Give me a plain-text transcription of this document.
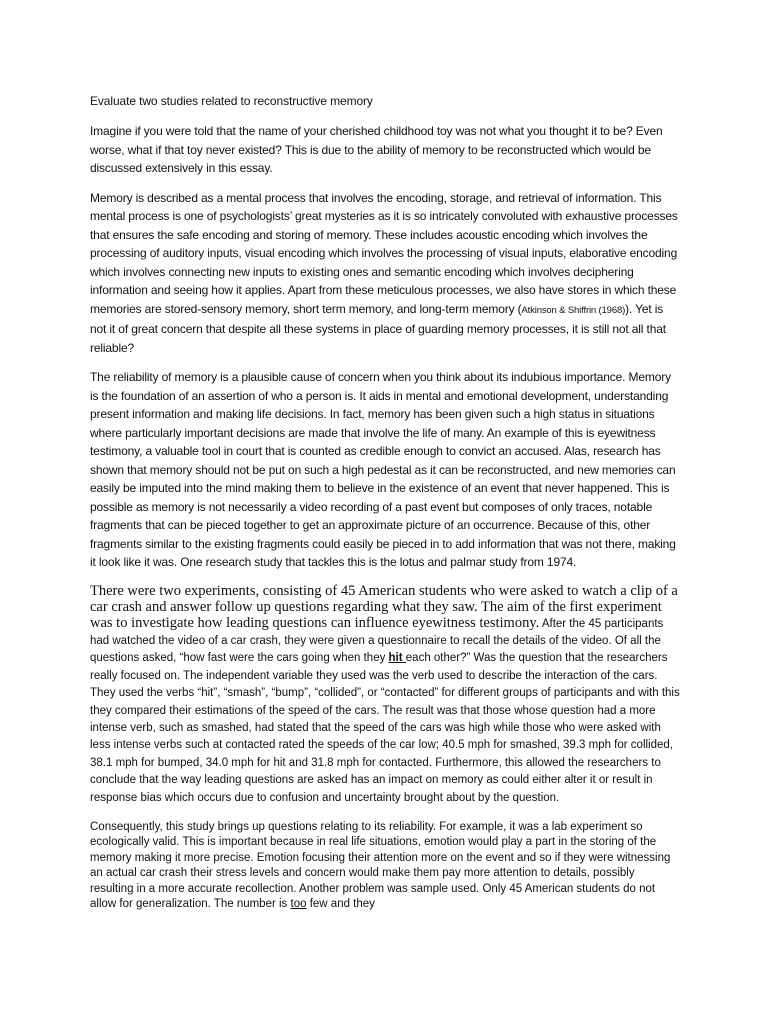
Evaluate two studies related to reconstructive memory

Imagine if you were told that the name of your cherished childhood toy was not what you thought it to be? Even worse, what if that toy never existed? This is due to the ability of memory to be reconstructed which would be discussed extensively in this essay.

Memory is described as a mental process that involves the encoding, storage, and retrieval of information. This mental process is one of psychologists’ great mysteries as it is so intricately convoluted with exhaustive processes that ensures the safe encoding and storing of memory. These includes acoustic encoding which involves the processing of auditory inputs, visual encoding which involves the processing of visual inputs, elaborative encoding which involves connecting new inputs to existing ones and semantic encoding which involves deciphering information and seeing how it applies. Apart from these meticulous processes, we also have stores in which these memories are stored-sensory memory, short term memory, and long-term memory (Atkinson & Shiffrin (1968)). Yet is not it of great concern that despite all these systems in place of guarding memory processes, it is still not all that reliable?

The reliability of memory is a plausible cause of concern when you think about its indubious importance. Memory is the foundation of an assertion of who a person is. It aids in mental and emotional development, understanding present information and making life decisions. In fact, memory has been given such a high status in situations where particularly important decisions are made that involve the life of many. An example of this is eyewitness testimony, a valuable tool in court that is counted as credible enough to convict an accused. Alas, research has shown that memory should not be put on such a high pedestal as it can be reconstructed, and new memories can easily be imputed into the mind making them to believe in the existence of an event that never happened. This is possible as memory is not necessarily a video recording of a past event but composes of only traces, notable fragments that can be pieced together to get an approximate picture of an occurrence. Because of this, other fragments similar to the existing fragments could easily be pieced in to add information that was not there, making it look like it was. One research study that tackles this is the lotus and palmar study from 1974.

There were two experiments, consisting of 45 American students who were asked to watch a clip of a car crash and answer follow up questions regarding what they saw. The aim of the first experiment was to investigate how leading questions can influence eyewitness testimony. After the 45 participants had watched the video of a car crash, they were given a questionnaire to recall the details of the video. Of all the questions asked, “how fast were the cars going when they hit each other?” Was the question that the researchers really focused on. The independent variable they used was the verb used to describe the interaction of the cars. They used the verbs “hit”, “smash”, “bump”, “collided”, or “contacted” for different groups of participants and with this they compared their estimations of the speed of the cars. The result was that those whose question had a more intense verb, such as smashed, had stated that the speed of the cars was high while those who were asked with less intense verbs such at contacted rated the speeds of the car low; 40.5 mph for smashed, 39.3 mph for collided, 38.1 mph for bumped, 34.0 mph for hit and 31.8 mph for contacted. Furthermore, this allowed the researchers to conclude that the way leading questions are asked has an impact on memory as could either alter it or result in response bias which occurs due to confusion and uncertainty brought about by the question.

Consequently, this study brings up questions relating to its reliability. For example, it was a lab experiment so ecologically valid. This is important because in real life situations, emotion would play a part in the storing of the memory making it more precise. Emotion focusing their attention more on the event and so if they were witnessing an actual car crash their stress levels and concern would make them pay more attention to details, possibly resulting in a more accurate recollection. Another problem was sample used. Only 45 American students do not allow for generalization. The number is too few and they
